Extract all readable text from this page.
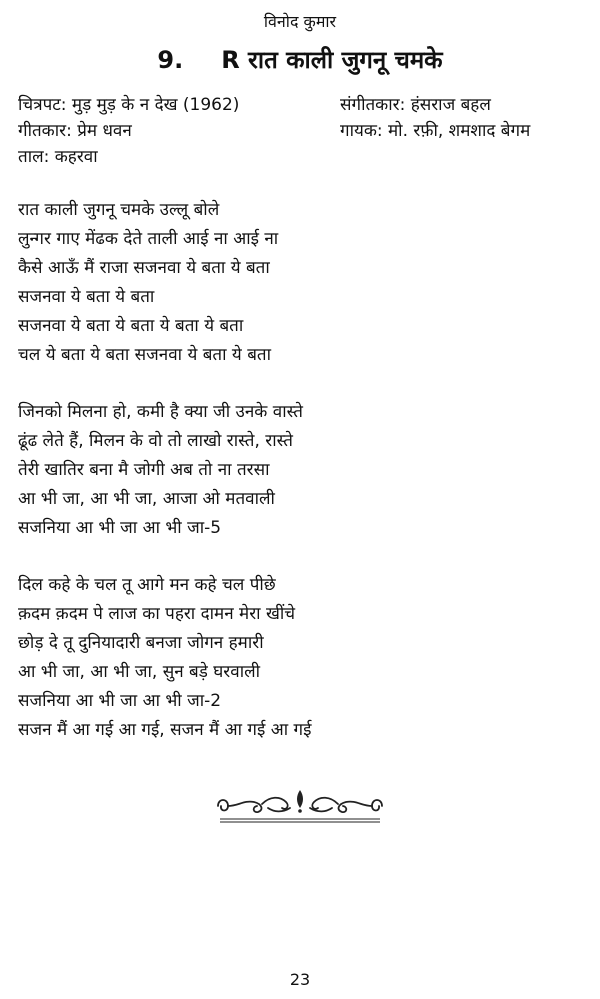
विनोद कुमार
9. R रात काली जुगनू चमके
चित्रपट: मुड़ मुड़ के न देख (1962)	संगीतकार: हंसराज बहल
गीतकार: प्रेम धवन	गायक: मो. रफ़ी, शमशाद बेगम
ताल: कहरवा
रात काली जुगनू चमके उल्लू बोले
लुन्गर गाए मेंढक देते ताली आई ना आई ना
कैसे आऊँ मैं राजा सजनवा ये बता ये बता
सजनवा ये बता ये बता
सजनवा ये बता ये बता ये बता ये बता
चल ये बता ये बता सजनवा ये बता ये बता
जिनको मिलना हो, कमी है क्या जी उनके वास्ते
ढूंढ लेते हैं, मिलन के वो तो लाखो रास्ते, रास्ते
तेरी खातिर बना मै जोगी अब तो ना तरसा
आ भी जा, आ भी जा, आजा ओ मतवाली
सजनिया आ भी जा आ भी जा-5
दिल कहे के चल तू आगे मन कहे चल पीछे
क़दम क़दम पे लाज का पहरा दामन मेरा खींचे
छोड़ दे तू दुनियादारी बनजा जोगन हमारी
आ भी जा, आ भी जा, सुन बड़े घरवाली
सजनिया आ भी जा आ भी जा-2
सजन मैं आ गई आ गई, सजन मैं आ गई आ गई
23
